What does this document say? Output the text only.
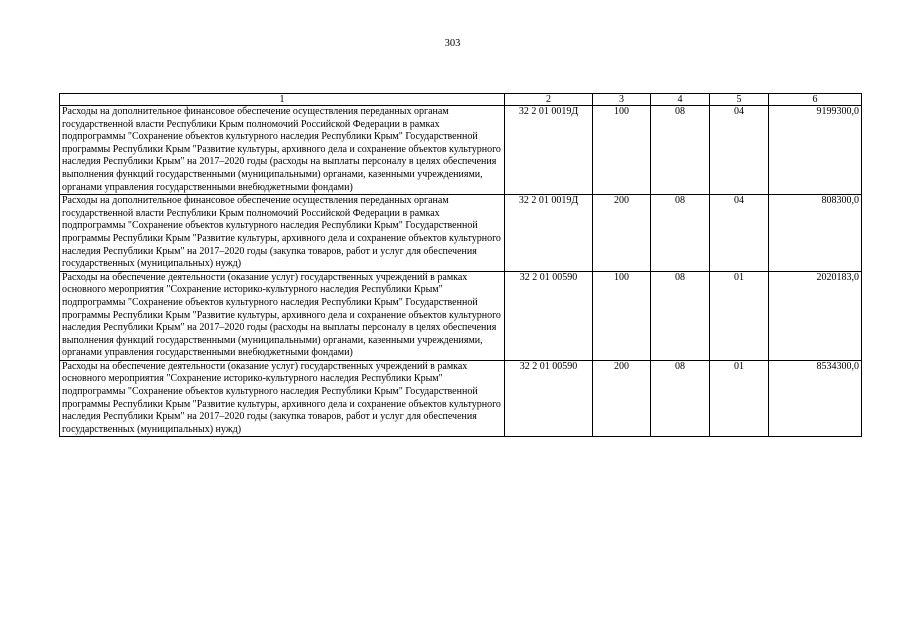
303
1	2	3	4	5	6
Расходы на дополнительное финансовое обеспечение осуществления переданных органам государственной власти Республики Крым полномочий Российской Федерации в рамках подпрограммы "Сохранение объектов культурного наследия Республики Крым" Государственной программы Республики Крым "Развитие культуры, архивного дела и сохранение объектов культурного наследия Республики Крым" на 2017–2020 годы (расходы на выплаты персоналу в целях обеспечения выполнения функций государственными (муниципальными) органами, казенными учреждениями, органами управления государственными внебюджетными фондами)	32 2 01 0019Д	100	08	04	9199300,0
Расходы на дополнительное финансовое обеспечение осуществления переданных органам государственной власти Республики Крым полномочий Российской Федерации в рамках подпрограммы "Сохранение объектов культурного наследия Республики Крым" Государственной программы Республики Крым "Развитие культуры, архивного дела и сохранение объектов культурного наследия Республики Крым" на 2017–2020 годы (закупка товаров, работ и услуг для обеспечения государственных (муниципальных) нужд)	32 2 01 0019Д	200	08	04	808300,0
Расходы на обеспечение деятельности (оказание услуг) государственных учреждений в рамках основного мероприятия "Сохранение историко-культурного наследия Республики Крым" подпрограммы "Сохранение объектов культурного наследия Республики Крым" Государственной программы Республики Крым "Развитие культуры, архивного дела и сохранение объектов культурного наследия Республики Крым" на 2017–2020 годы (расходы на выплаты персоналу в целях обеспечения выполнения функций государственными (муниципальными) органами, казенными учреждениями, органами управления государственными внебюджетными фондами)	32 2 01 00590	100	08	01	2020183,0
Расходы на обеспечение деятельности (оказание услуг) государственных учреждений в рамках основного мероприятия "Сохранение историко-культурного наследия Республики Крым" подпрограммы "Сохранение объектов культурного наследия Республики Крым" Государственной программы Республики Крым "Развитие культуры, архивного дела и сохранение объектов культурного наследия Республики Крым" на 2017–2020 годы (закупка товаров, работ и услуг для обеспечения государственных (муниципальных) нужд)	32 2 01 00590	200	08	01	8534300,0
